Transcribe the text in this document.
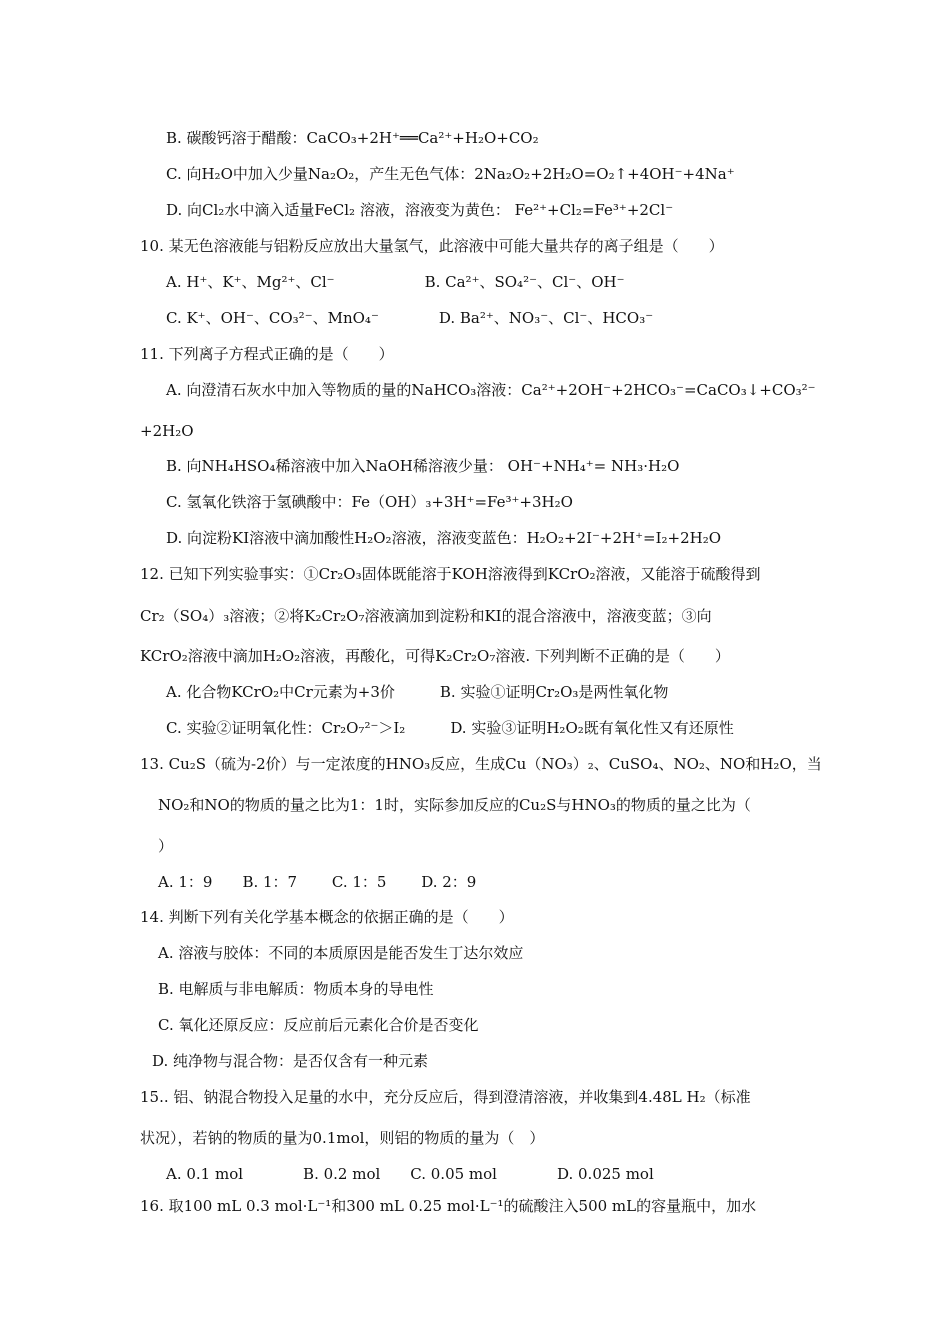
B. 碳酸钙溶于醋酸：CaCO₃+2H⁺══Ca²⁺+H₂O+CO₂
C. 向H₂O中加入少量Na₂O₂，产生无色气体：2Na₂O₂+2H₂O=O₂↑+4OH⁻+4Na⁺
D. 向Cl₂水中滴入适量FeCl₂ 溶液，溶液变为黄色： Fe²⁺+Cl₂=Fe³⁺+2Cl⁻
10. 某无色溶液能与铝粉反应放出大量氢气，此溶液中可能大量共存的离子组是（　　）
A. H⁺、K⁺、Mg²⁺、Cl⁻　　　　　　B. Ca²⁺、SO₄²⁻、Cl⁻、OH⁻
C. K⁺、OH⁻、CO₃²⁻、MnO₄⁻　　　　D. Ba²⁺、NO₃⁻、Cl⁻、HCO₃⁻
11. 下列离子方程式正确的是（　　）
A. 向澄清石灰水中加入等物质的量的NaHCO₃溶液：Ca²⁺+2OH⁻+2HCO₃⁻=CaCO₃↓+CO₃²⁻
+2H₂O
B. 向NH₄HSO₄稀溶液中加入NaOH稀溶液少量： OH⁻+NH₄⁺= NH₃·H₂O
C. 氢氧化铁溶于氢碘酸中：Fe（OH）₃+3H⁺=Fe³⁺+3H₂O
D. 向淀粉KI溶液中滴加酸性H₂O₂溶液，溶液变蓝色：H₂O₂+2I⁻+2H⁺=I₂+2H₂O
12. 已知下列实验事实：①Cr₂O₃固体既能溶于KOH溶液得到KCrO₂溶液，又能溶于硫酸得到
Cr₂（SO₄）₃溶液；②将K₂Cr₂O₇溶液滴加到淀粉和KI的混合溶液中，溶液变蓝；③向
KCrO₂溶液中滴加H₂O₂溶液，再酸化，可得K₂Cr₂O₇溶液. 下列判断不正确的是（　　）
A. 化合物KCrO₂中Cr元素为+3价　　　B. 实验①证明Cr₂O₃是两性氧化物
C. 实验②证明氧化性：Cr₂O₇²⁻＞I₂　　　D. 实验③证明H₂O₂既有氧化性又有还原性
13. Cu₂S（硫为-2价）与一定浓度的HNO₃反应，生成Cu（NO₃）₂、CuSO₄、NO₂、NO和H₂O，当
NO₂和NO的物质的量之比为1：1时，实际参加反应的Cu₂S与HNO₃的物质的量之比为（
）
A. 1：9　　B. 1：7　　 C. 1：5　　 D. 2：9
14. 判断下列有关化学基本概念的依据正确的是（　　）
A. 溶液与胶体：不同的本质原因是能否发生丁达尔效应
B. 电解质与非电解质：物质本身的导电性
C. 氧化还原反应：反应前后元素化合价是否变化
D. 纯净物与混合物：是否仅含有一种元素
15.. 铝、钠混合物投入足量的水中，充分反应后，得到澄清溶液，并收集到4.48L H₂（标准
状况），若钠的物质的量为0.1mol，则铝的物质的量为（　）
A. 0.1 mol　　　　B. 0.2 mol　　C. 0.05 mol　　　　D. 0.025 mol
16. 取100 mL 0.3 mol·L⁻¹和300 mL 0.25 mol·L⁻¹的硫酸注入500 mL的容量瓶中，加水
